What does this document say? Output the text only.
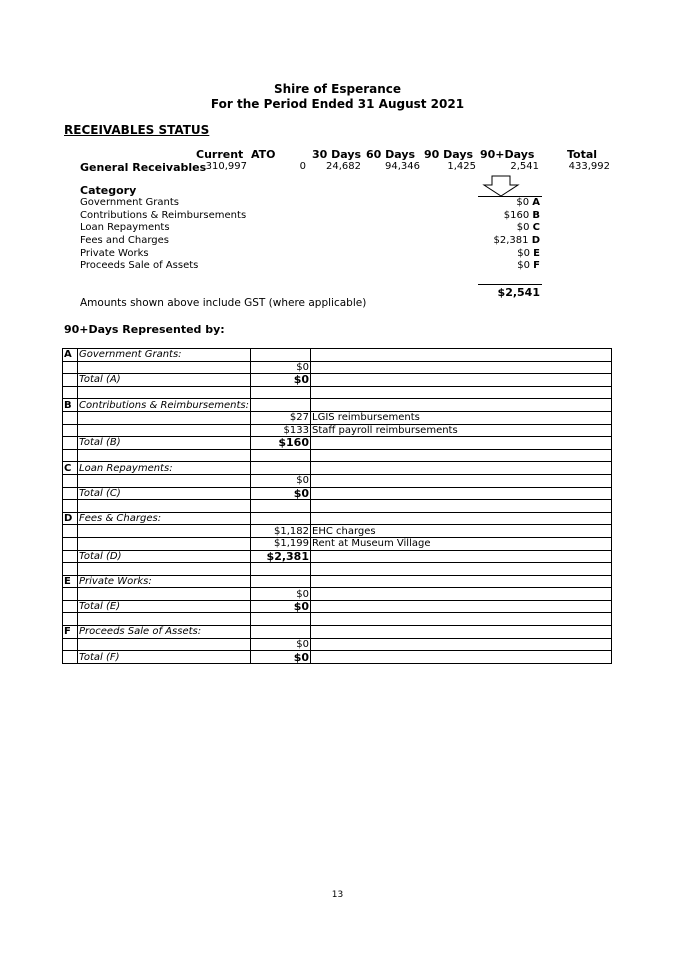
Shire of Esperance
For the Period Ended 31 August 2021
RECEIVABLES STATUS
Current ATO	30 Days 60 Days 90 Days 90+Days	Total
General Receivables 310,997	0	24,682	94,346	1,425	2,541	433,992
Category
Government Grants	$0 A
Contributions & Reimbursements	$160 B
Loan Repayments	$0 C
Fees and Charges	$2,381 D
Private Works	$0 E
Proceeds Sale of Assets	$0 F
$2,541
Amounts shown above include GST (where applicable)
90+Days Represented by:
A	Government Grants:		
		$0	
	Total (A)	$0	

B	Contributions & Reimbursements:		
		$27	LGIS reimbursements
		$133	Staff payroll reimbursements
	Total (B)	$160	

C	Loan Repayments:		
		$0	
	Total (C)	$0	

D	Fees & Charges:		
		$1,182	EHC charges
		$1,199	Rent at Museum Village
	Total (D)	$2,381	

E	Private Works:		
		$0	
	Total (E)	$0	

F	Proceeds Sale of Assets:		
		$0	
	Total (F)	$0	
13
